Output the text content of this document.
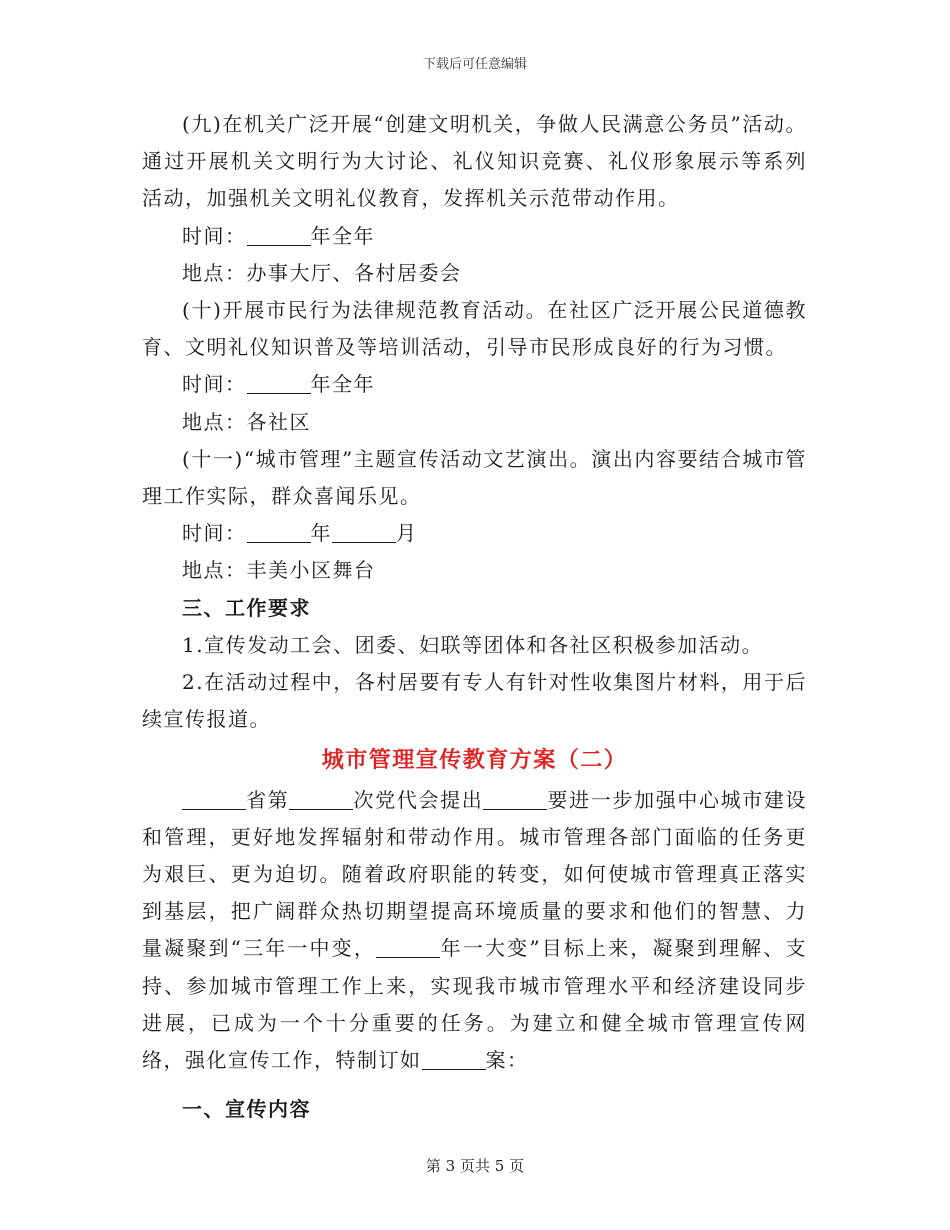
下载后可任意编辑

(九)在机关广泛开展“创建文明机关，争做人民满意公务员”活动。通过开展机关文明行为大讨论、礼仪知识竞赛、礼仪形象展示等系列活动，加强机关文明礼仪教育，发挥机关示范带动作用。

时间：	年全年

地点：办事大厅、各村居委会

(十)开展市民行为法律规范教育活动。在社区广泛开展公民道德教育、文明礼仪知识普及等培训活动，引导市民形成良好的行为习惯。

时间：	年全年

地点：各社区

(十一)“城市管理”主题宣传活动文艺演出。演出内容要结合城市管理工作实际，群众喜闻乐见。

时间：	年	月

地点：丰美小区舞台

三、工作要求

1.宣传发动工会、团委、妇联等团体和各社区积极参加活动。

2.在活动过程中，各村居要有专人有针对性收集图片材料，用于后续宣传报道。

城市管理宣传教育方案（二）

省第	次党代会提出	要进一步加强中心城市建设和管理，更好地发挥辐射和带动作用。城市管理各部门面临的任务更为艰巨、更为迫切。随着政府职能的转变，如何使城市管理真正落实到基层，把广阔群众热切期望提高环境质量的要求和他们的智慧、力量凝聚到“三年一中变，	年一大变”目标上来，凝聚到理解、支持、参加城市管理工作上来，实现我市城市管理水平和经济建设同步进展，已成为一个十分重要的任务。为建立和健全城市管理宣传网络，强化宣传工作，特制订如	案：

一、宣传内容

第 3 页共 5 页
